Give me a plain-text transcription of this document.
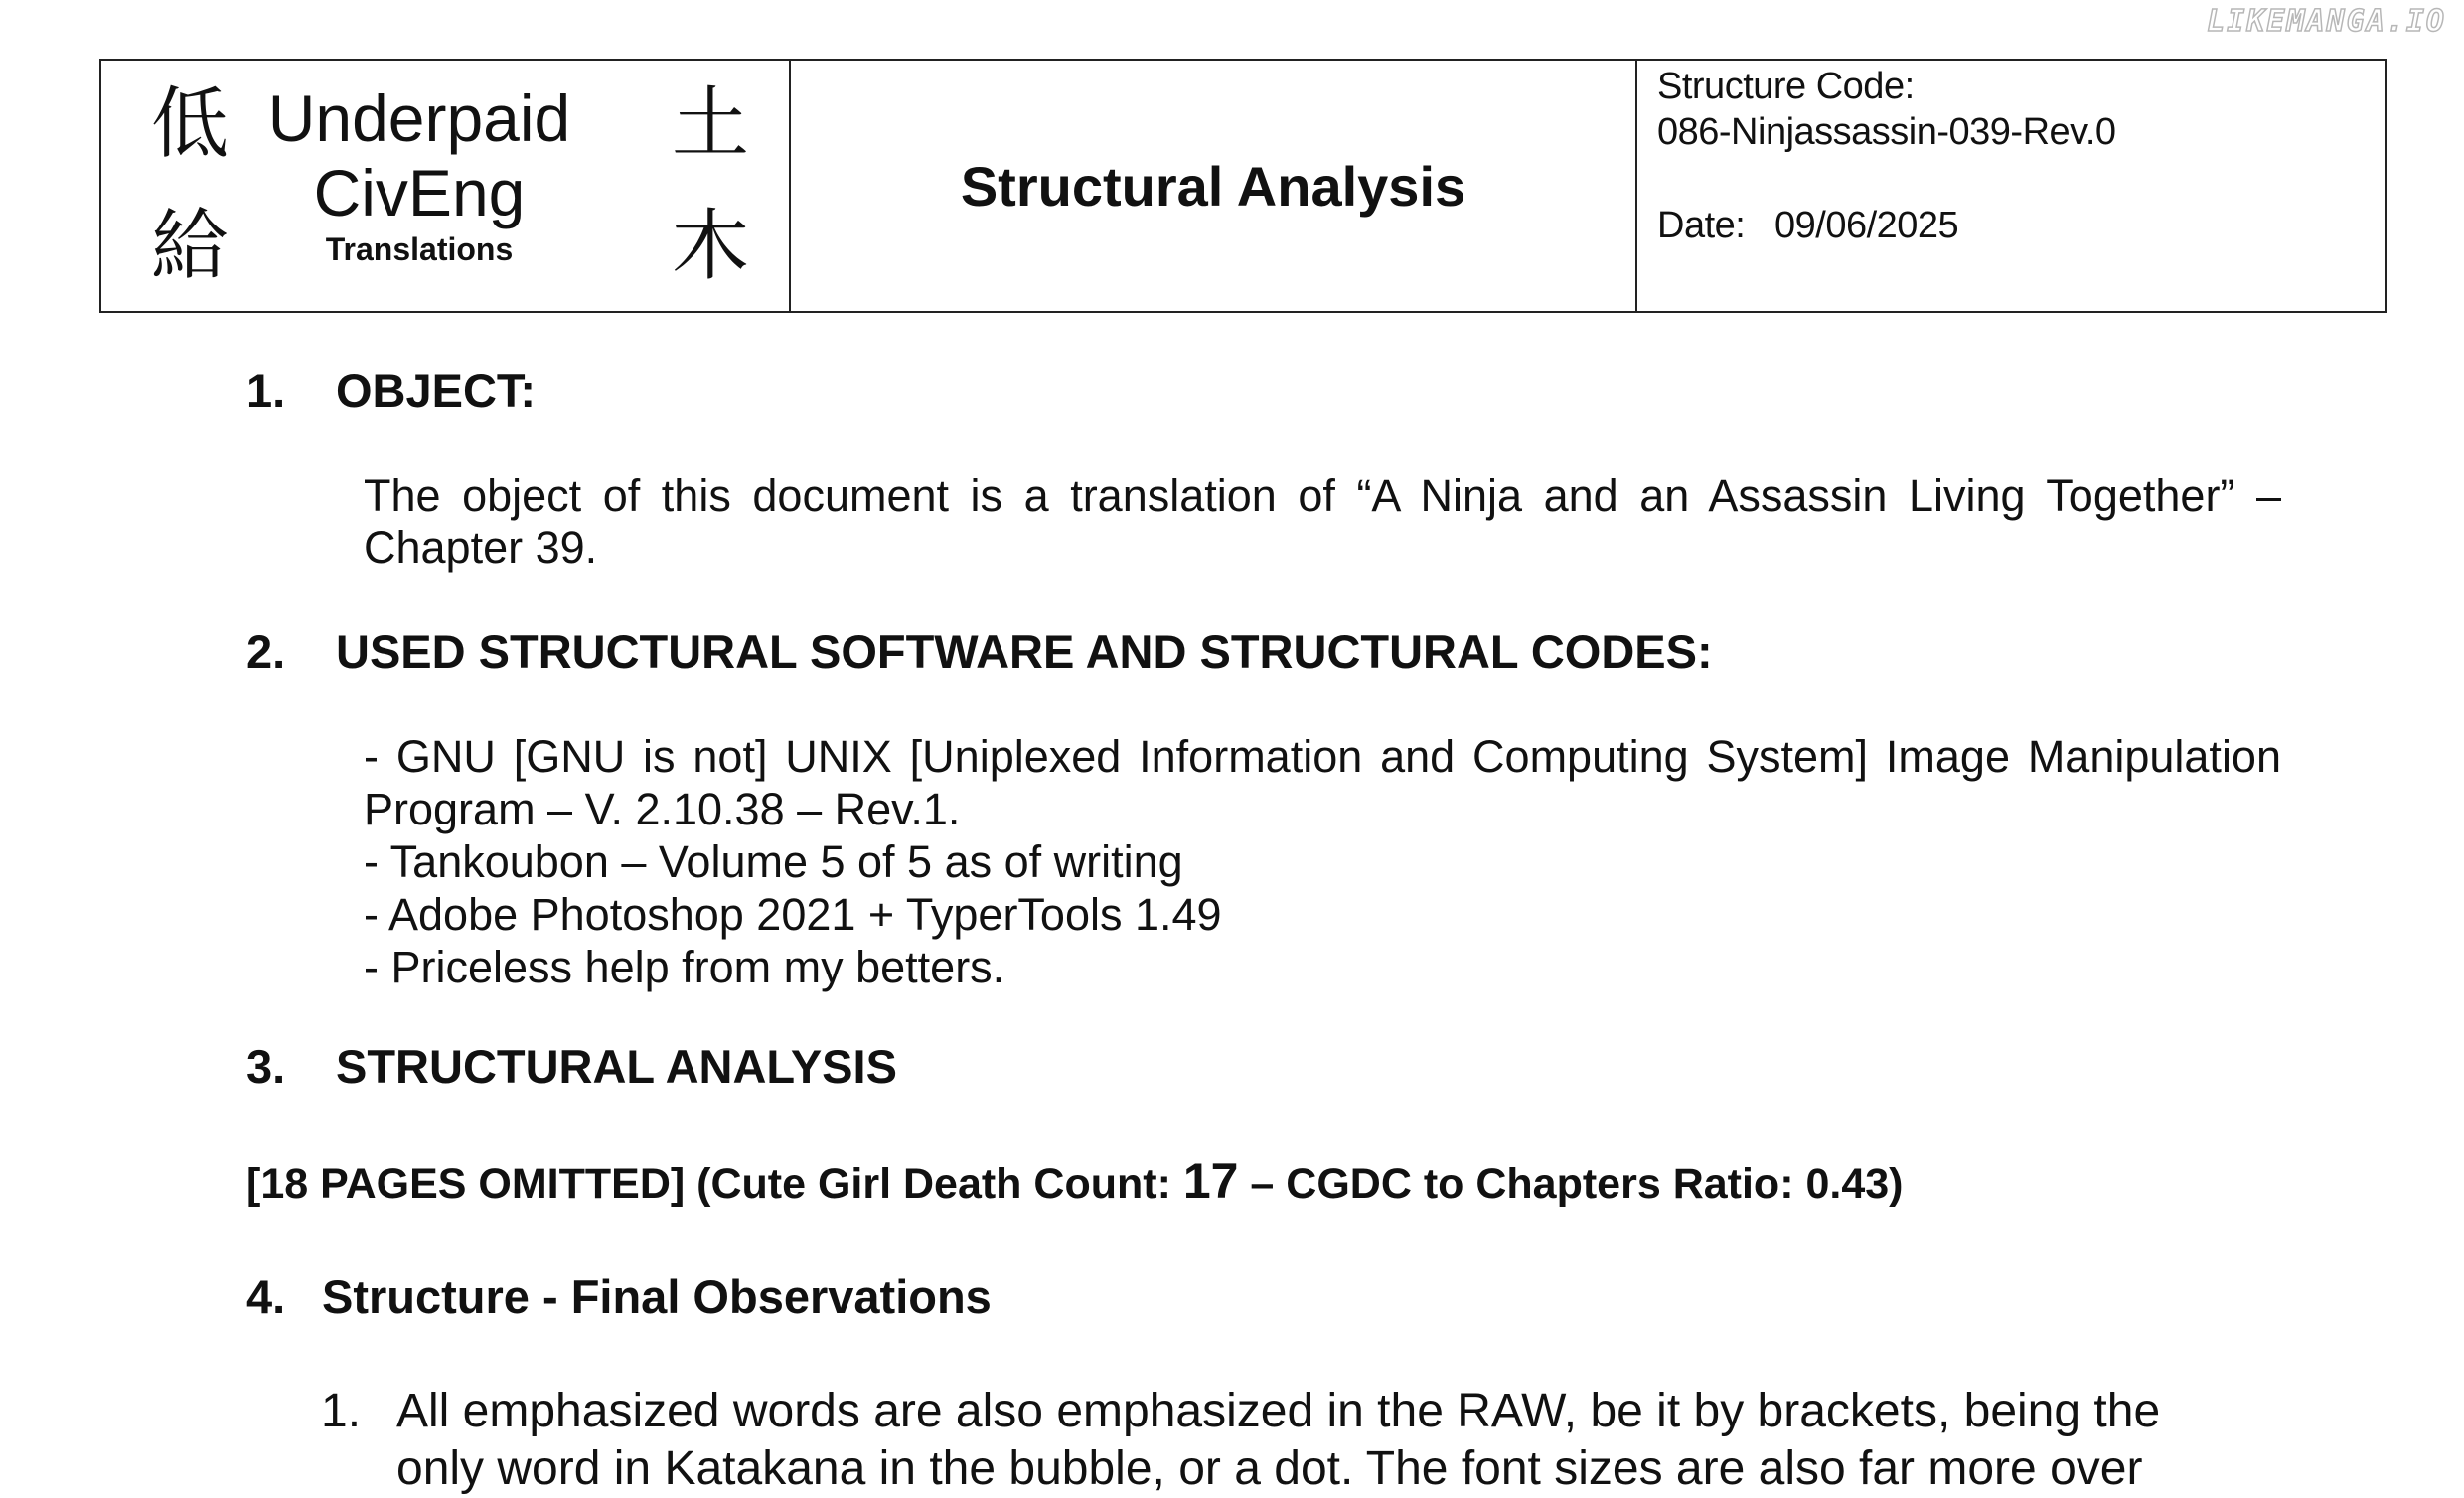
LIKEMANGA.IO
低
給
土
木
Underpaid
CivEng
Translations
Structural Analysis
Structure Code:
086-Ninjassassin-039-Rev.0
Date: 09/06/2025
1. OBJECT:
The object of this document is a translation of “A Ninja and an Assassin Living Together” –
Chapter 39.
2. USED STRUCTURAL SOFTWARE AND STRUCTURAL CODES:
- GNU [GNU is not] UNIX [Uniplexed Information and Computing System] Image Manipulation
Program – V. 2.10.38 – Rev.1.
- Tankoubon – Volume 5 of 5 as of writing
- Adobe Photoshop 2021 + TyperTools 1.49
- Priceless help from my betters.
3. STRUCTURAL ANALYSIS
[18 PAGES OMITTED] (Cute Girl Death Count: 17 – CGDC to Chapters Ratio: 0.43)
4. Structure - Final Observations
1. All emphasized words are also emphasized in the RAW, be it by brackets, being the
only word in Katakana in the bubble, or a dot. The font sizes are also far more over
